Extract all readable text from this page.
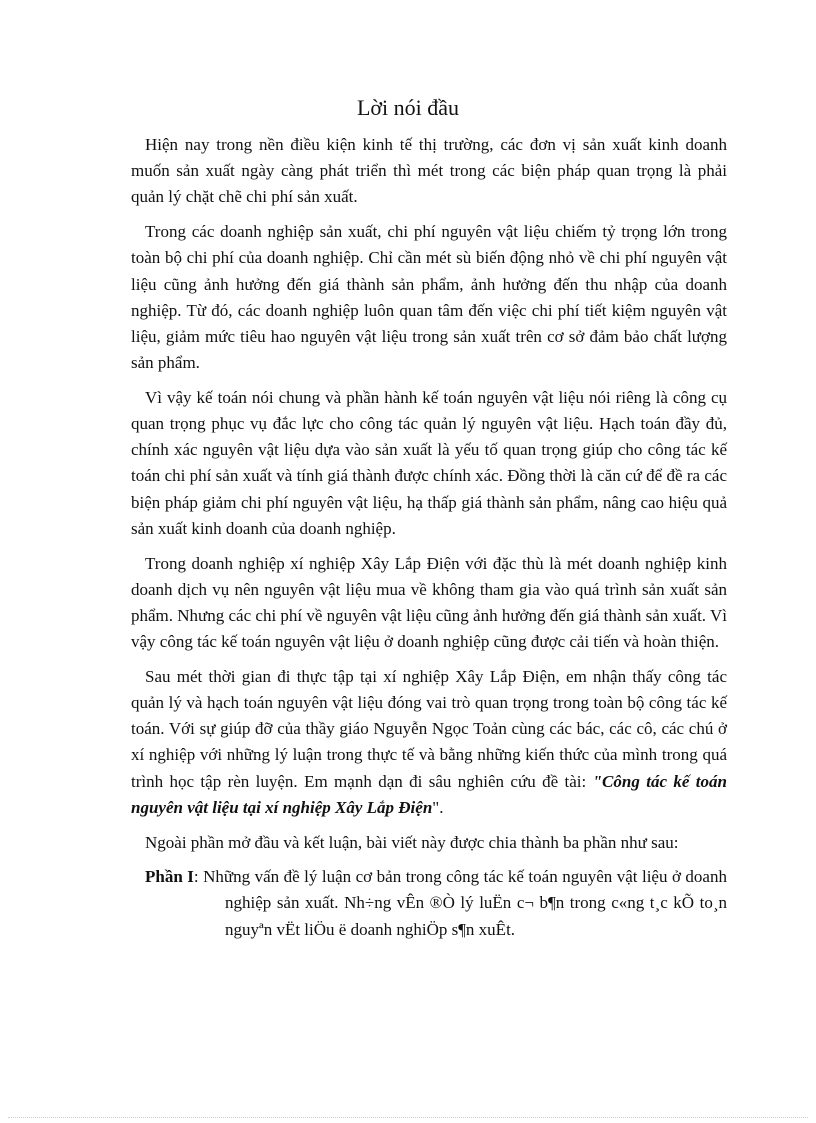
Lời nói đầu

Hiện nay trong nền điều kiện kinh tế thị trường, các đơn vị sản xuất kinh doanh muốn sản xuất ngày càng phát triển thì mét trong các biện pháp quan trọng là phải quản lý chặt chẽ chi phí sản xuất.

Trong các doanh nghiệp sản xuất, chi phí nguyên vật liệu chiếm tỷ trọng lớn trong toàn bộ chi phí của doanh nghiệp. Chỉ cần mét sù biến động nhỏ về chi phí nguyên vật liệu cũng ảnh hưởng đến giá thành sản phẩm, ảnh hưởng đến thu nhập của doanh nghiệp. Từ đó, các doanh nghiệp luôn quan tâm đến việc chi phí tiết kiệm nguyên vật liệu, giảm mức tiêu hao nguyên vật liệu trong sản xuất trên cơ sở đảm bảo chất lượng sản phẩm.

Vì vậy kế toán nói chung và phần hành kế toán nguyên vật liệu nói riêng là công cụ quan trọng phục vụ đắc lực cho công tác quản lý nguyên vật liệu. Hạch toán đầy đủ, chính xác nguyên vật liệu dựa vào sản xuất là yếu tố quan trọng giúp cho công tác kế toán chi phí sản xuất và tính giá thành được chính xác. Đồng thời là căn cứ để đề ra các biện pháp giảm chi phí nguyên vật liệu, hạ thấp giá thành sản phẩm, nâng cao hiệu quả sản xuất kinh doanh của doanh nghiệp.

Trong doanh nghiệp xí nghiệp Xây Lắp Điện với đặc thù là mét doanh nghiệp kinh doanh dịch vụ nên nguyên vật liệu mua về không tham gia vào quá trình sản xuất sản phẩm. Nhưng các chi phí về nguyên vật liệu cũng ảnh hưởng đến giá thành sản xuất. Vì vậy công tác kế toán nguyên vật liệu ở doanh nghiệp cũng được cải tiến và hoàn thiện.

Sau mét thời gian đi thực tập tại xí nghiệp Xây Lắp Điện, em nhận thấy công tác quản lý và hạch toán nguyên vật liệu đóng vai trò quan trọng trong toàn bộ công tác kế toán. Với sự giúp đỡ của thầy giáo Nguyễn Ngọc Toản cùng các bác, các cô, các chú ở xí nghiệp với những lý luận trong thực tế và bằng những kiến thức của mình trong quá trình học tập rèn luyện. Em mạnh dạn đi sâu nghiên cứu đề tài: "Công tác kế toán nguyên vật liệu tại xí nghiệp Xây Lắp Điện".

Ngoài phần mở đầu và kết luận, bài viết này được chia thành ba phần như sau:

Phần I: Những vấn đề lý luận cơ bản trong công tác kế toán nguyên vật liệu ở doanh nghiệp sản xuất. Nh÷ng vÊn ®Ò lý luËn c¬ b¶n trong c«ng t¸c kÕ to¸n nguyªn vËt liÖu ë doanh nghiÖp s¶n xuÊt.
